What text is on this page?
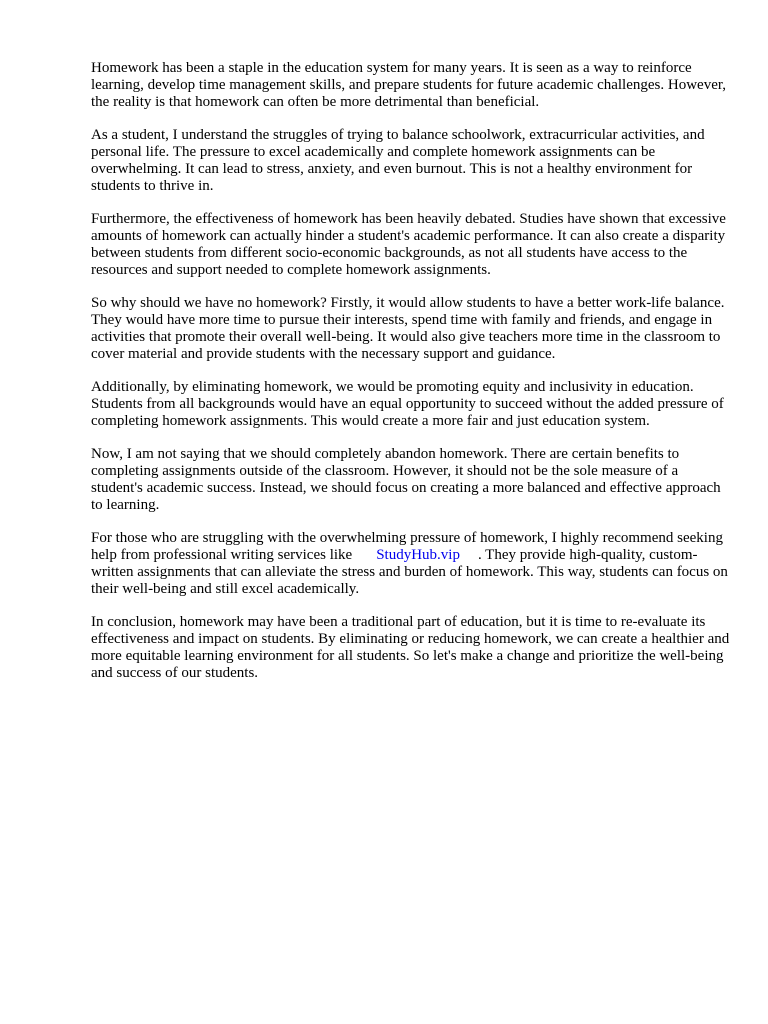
Homework has been a staple in the education system for many years. It is seen as a way to reinforce learning, develop time management skills, and prepare students for future academic challenges. However, the reality is that homework can often be more detrimental than beneficial.

As a student, I understand the struggles of trying to balance schoolwork, extracurricular activities, and personal life. The pressure to excel academically and complete homework assignments can be overwhelming. It can lead to stress, anxiety, and even burnout. This is not a healthy environment for students to thrive in.

Furthermore, the effectiveness of homework has been heavily debated. Studies have shown that excessive amounts of homework can actually hinder a student's academic performance. It can also create a disparity between students from different socio-economic backgrounds, as not all students have access to the resources and support needed to complete homework assignments.

So why should we have no homework? Firstly, it would allow students to have a better work-life balance. They would have more time to pursue their interests, spend time with family and friends, and engage in activities that promote their overall well-being. It would also give teachers more time in the classroom to cover material and provide students with the necessary support and guidance.

Additionally, by eliminating homework, we would be promoting equity and inclusivity in education. Students from all backgrounds would have an equal opportunity to succeed without the added pressure of completing homework assignments. This would create a more fair and just education system.

Now, I am not saying that we should completely abandon homework. There are certain benefits to completing assignments outside of the classroom. However, it should not be the sole measure of a student's academic success. Instead, we should focus on creating a more balanced and effective approach to learning.

For those who are struggling with the overwhelming pressure of homework, I highly recommend seeking help from professional writing services like StudyHub.vip . They provide high-quality, custom-written assignments that can alleviate the stress and burden of homework. This way, students can focus on their well-being and still excel academically.

In conclusion, homework may have been a traditional part of education, but it is time to re-evaluate its effectiveness and impact on students. By eliminating or reducing homework, we can create a healthier and more equitable learning environment for all students. So let's make a change and prioritize the well-being and success of our students.
